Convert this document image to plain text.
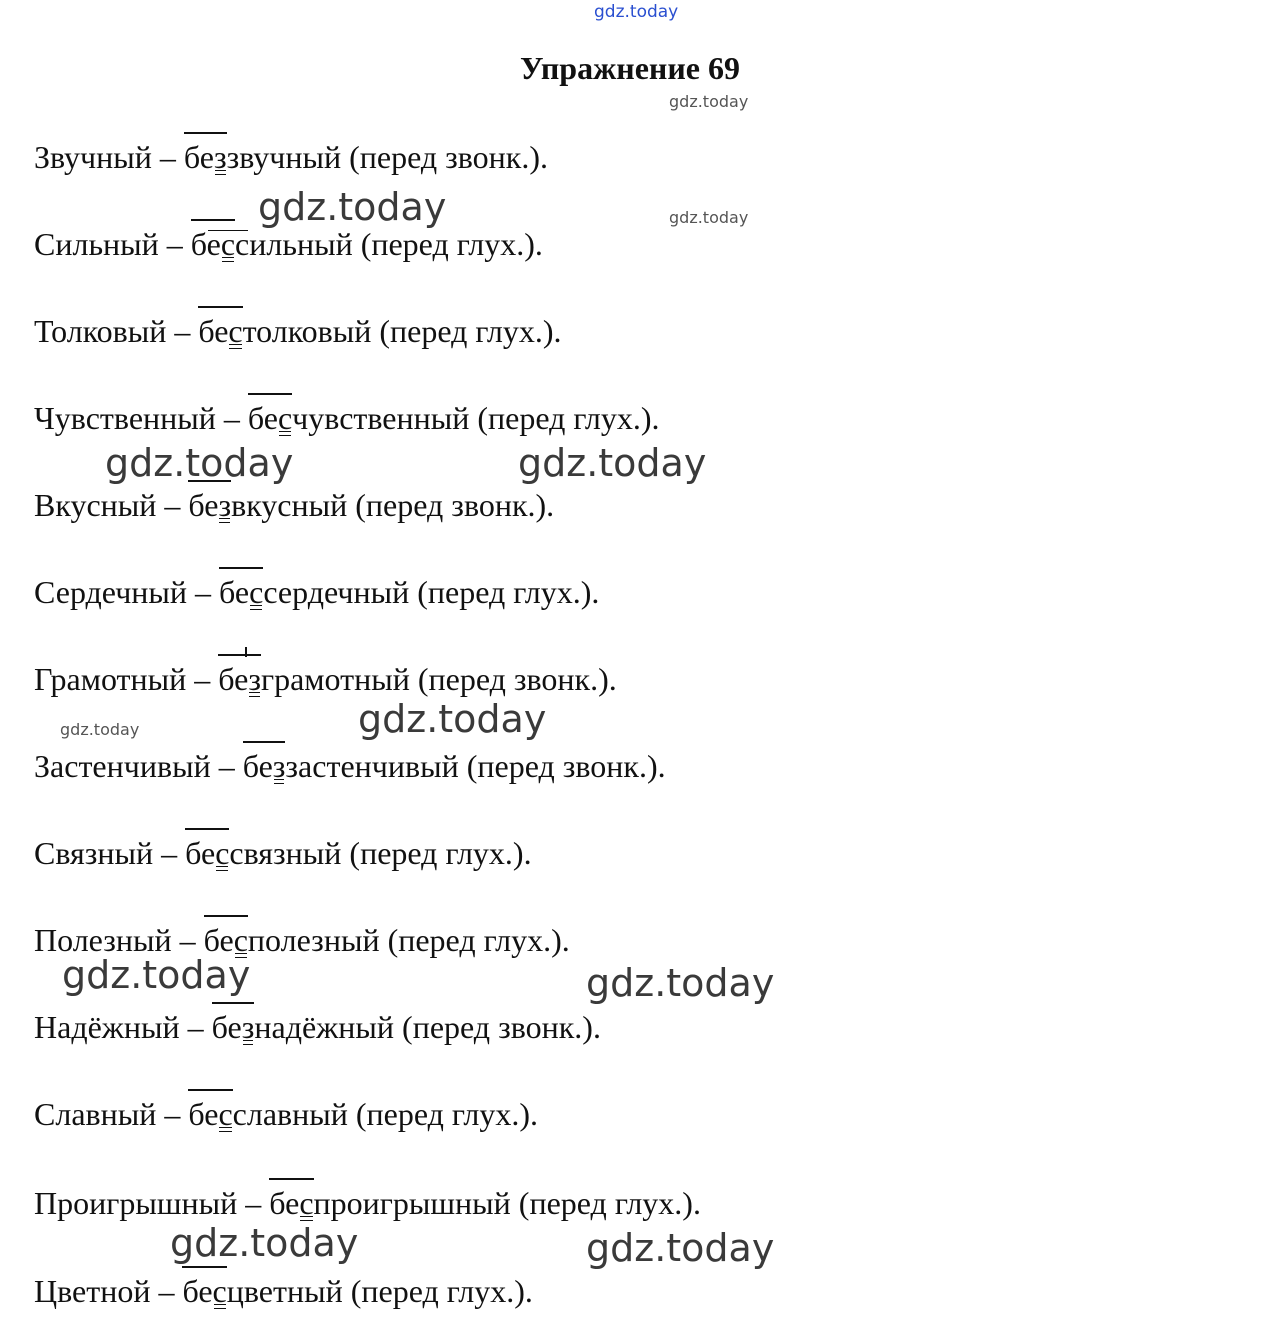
gdz.today
gdz.today
gdz.today
gdz.today
gdz.today
gdz.today	gdz.today
gdz.today
gdz.today	gdz.today
gdz.today	gdz.today
Упражнение 69
Звучный – беззвучный (перед звонк.).
Сильный – бессильный (перед глух.).
Толковый – бестолковый (перед глух.).
Чувственный – бесчувственный (перед глух.).
Вкусный – безвкусный (перед звонк.).
Сердечный – бессердечный (перед глух.).
Грамотный – безграмотный (перед звонк.).
Застенчивый – беззастенчивый (перед звонк.).
Связный – бессвязный (перед глух.).
Полезный – бесполезный (перед глух.).
Надёжный – безнадёжный (перед звонк.).
Славный – бесславный (перед глух.).
Проигрышный – беспроигрышный (перед глух.).
Цветной – бесцветный (перед глух.).
